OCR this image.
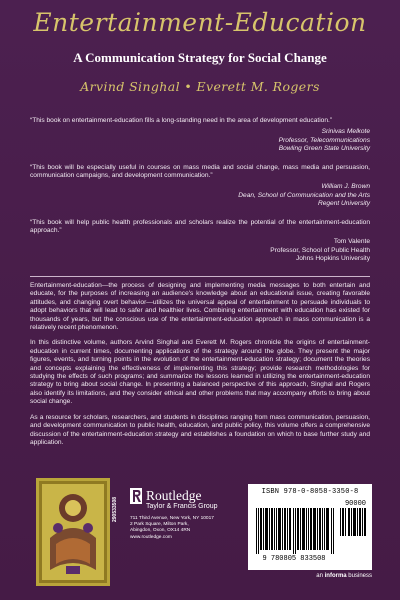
Entertainment-Education
A Communication Strategy for Social Change
Arvind Singhal • Everett M. Rogers

“This book on entertainment-education fills a long-standing need in the area of development education.”

Srinivas Melkote
Professor, Telecommunications
Bowling Green State University

“This book will be especially useful in courses on mass media and social change, mass media and persuasion, communication campaigns, and development communication.”

William J. Brown
Dean, School of Communication and the Arts
Regent University

“This book will help public health professionals and scholars realize the potential of the entertainment-education approach.”

Tom Valente
Professor, School of Public Health
Johns Hopkins University

Entertainment-education—the process of designing and implementing media messages to both entertain and educate, for the purposes of increasing an audience's knowledge about an educational issue, creating favorable attitudes, and changing overt behavior—utilizes the universal appeal of entertainment to persuade individuals to adopt behaviors that will lead to safer and healthier lives. Combining entertainment with education has existed for thousands of years, but the conscious use of the entertainment-education approach in mass communication is a relatively recent phenomenon.

In this distinctive volume, authors Arvind Singhal and Everett M. Rogers chronicle the origins of entertainment-education in current times, documenting applications of the strategy around the globe. They present the major figures, events, and turning points in the evolution of the entertainment-education strategy; document the theories and concepts explaining the effectiveness of implementing this strategy; provide research methodologies for studying the effects of such programs; and summarize the lessons learned in utilizing the entertainment-education strategy to bring about social change. In presenting a balanced perspective of this approach, Singhal and Rogers also identify its limitations, and they consider ethical and other problems that may accompany efforts to bring about social change.

As a resource for scholars, researchers, and students in disciplines ranging from mass communication, persuasion, and development communication to public health, education, and public policy, this volume offers a comprehensive discussion of the entertainment-education strategy and establishes a foundation on which to base further study and application.

290533508
Routledge
Taylor & Francis Group
711 Third Avenue, New York, NY 10017
2 Park Square, Milton Park,
Abingdon, Oxon, OX14 4RN
www.routledge.com
ISBN 978-0-8058-3350-8
90000
9 780805 833508
an informa business
